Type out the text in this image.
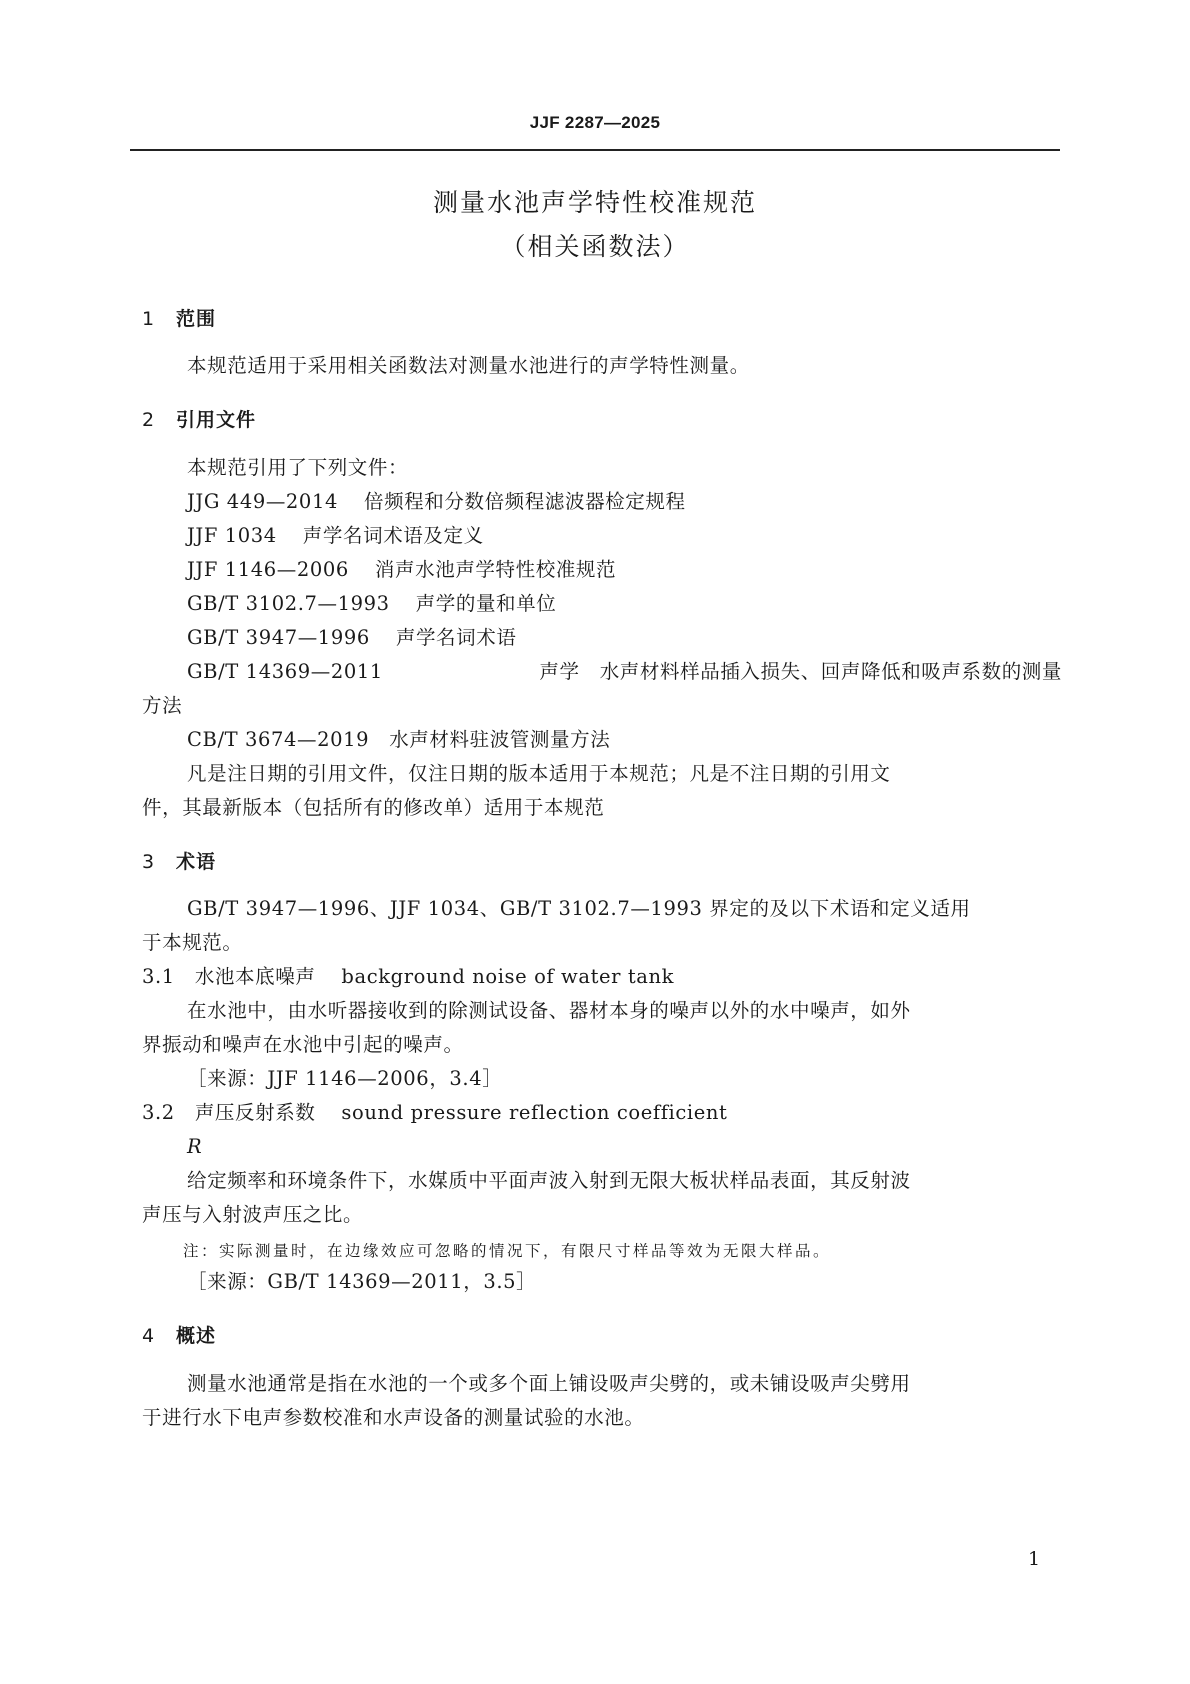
JJF 2287—2025
测量水池声学特性校准规范
（相关函数法）
1 范围
本规范适用于采用相关函数法对测量水池进行的声学特性测量。
2 引用文件
本规范引用了下列文件：
JJG 449—2014 倍频程和分数倍频程滤波器检定规程
JJF 1034 声学名词术语及定义
JJF 1146—2006 消声水池声学特性校准规范
GB/T 3102.7—1993 声学的量和单位
GB/T 3947—1996 声学名词术语
GB/T 14369—2011	声学　水声材料样品插入损失、回声降低和吸声系数的测量
方法
CB/T 3674—2019 水声材料驻波管测量方法
凡是注日期的引用文件，仅注日期的版本适用于本规范；凡是不注日期的引用文
件，其最新版本（包括所有的修改单）适用于本规范
3 术语
GB/T 3947—1996、JJF 1034、GB/T 3102.7—1993 界定的及以下术语和定义适用
于本规范。
3.1 水池本底噪声 background noise of water tank
在水池中，由水听器接收到的除测试设备、器材本身的噪声以外的水中噪声，如外
界振动和噪声在水池中引起的噪声。
［来源：JJF 1146—2006，3.4］
3.2 声压反射系数 sound pressure reflection coefficient
R
给定频率和环境条件下，水媒质中平面声波入射到无限大板状样品表面，其反射波
声压与入射波声压之比。
注：实际测量时，在边缘效应可忽略的情况下，有限尺寸样品等效为无限大样品。
［来源：GB/T 14369—2011，3.5］
4 概述
测量水池通常是指在水池的一个或多个面上铺设吸声尖劈的，或未铺设吸声尖劈用
于进行水下电声参数校准和水声设备的测量试验的水池。
1
